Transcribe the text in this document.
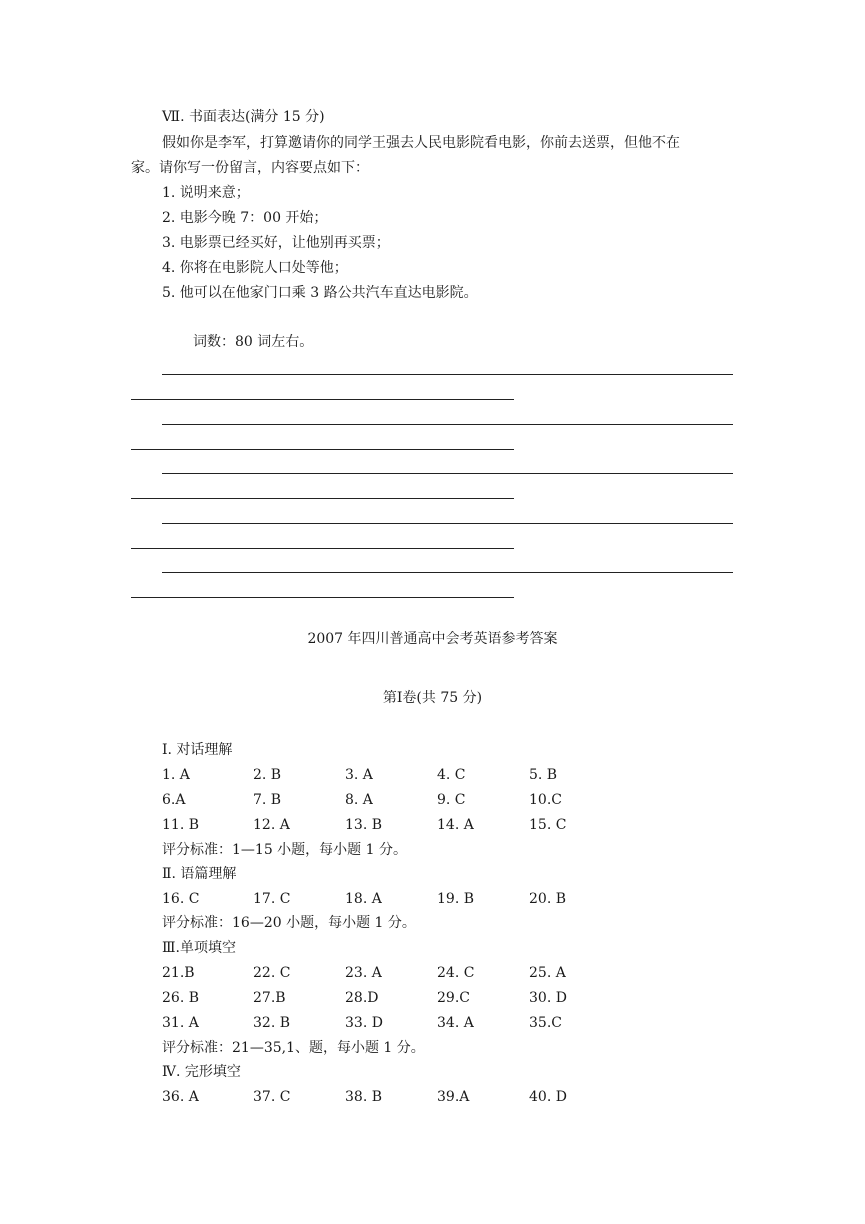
Ⅶ. 书面表达(满分 15 分)
假如你是李军，打算邀请你的同学王强去人民电影院看电影，你前去送票，但他不在
家。请你写一份留言，内容要点如下：
1. 说明来意；
2. 电影今晚 7：00 开始；
3. 电影票已经买好，让他别再买票；
4. 你将在电影院人口处等他；
5. 他可以在他家门口乘 3 路公共汽车直达电影院。
词数：80 词左右。
2007 年四川普通高中会考英语参考答案
第Ⅰ卷(共 75 分)
Ⅰ. 对话理解
1. A	2. B	3. A	4. C	5. B
6.A	7. B	8. A	9. C	10.C
11. B	12. A	13. B	14. A	15. C
评分标准：1—15 小题，每小题 1 分。
Ⅱ. 语篇理解
16. C	17. C	18. A	19. B	20. B
评分标准：16—20 小题，每小题 1 分。
Ⅲ.单项填空
21.B	22. C	23. A	24. C	25. A
26. B	27.B	28.D	29.C	30. D
31. A	32. B	33. D	34. A	35.C
评分标准：21—35,1、题，每小题 1 分。
Ⅳ. 完形填空
36. A	37. C	38. B	39.A	40. D
